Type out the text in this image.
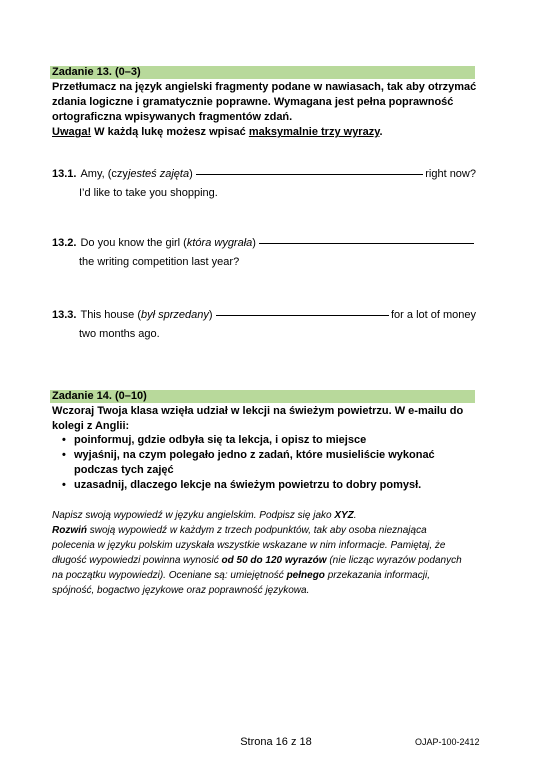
Zadanie 13. (0–3)
Przetłumacz na język angielski fragmenty podane w nawiasach, tak aby otrzymać zdania logiczne i gramatycznie poprawne. Wymagana jest pełna poprawność ortograficzna wpisywanych fragmentów zdań.
Uwaga! W każdą lukę możesz wpisać maksymalnie trzy wyrazy.
13.1. Amy, (czy jesteś zajęta )	right now?
I’d like to take you shopping.
13.2. Do you know the girl ( która wygrała )
the writing competition last year?
13.3. This house ( był sprzedany )	for a lot of money
two months ago.
Zadanie 14. (0–10)
Wczoraj Twoja klasa wzięła udział w lekcji na świeżym powietrzu. W e-mailu do kolegi z Anglii:
• poinformuj, gdzie odbyła się ta lekcja, i opisz to miejsce
• wyjaśnij, na czym polegało jedno z zadań, które musieliście wykonać podczas tych zajęć
• uzasadnij, dlaczego lekcje na świeżym powietrzu to dobry pomysł.
Napisz swoją wypowiedź w języku angielskim. Podpisz się jako XYZ.
Rozwiń swoją wypowiedź w każdym z trzech podpunktów, tak aby osoba nieznająca polecenia w języku polskim uzyskała wszystkie wskazane w nim informacje. Pamiętaj, że długość wypowiedzi powinna wynosić od 50 do 120 wyrazów (nie licząc wyrazów podanych na początku wypowiedzi). Oceniane są: umiejętność pełnego przekazania informacji, spójność, bogactwo językowe oraz poprawność językowa.
Strona 16 z 18	OJAP-100-2412
